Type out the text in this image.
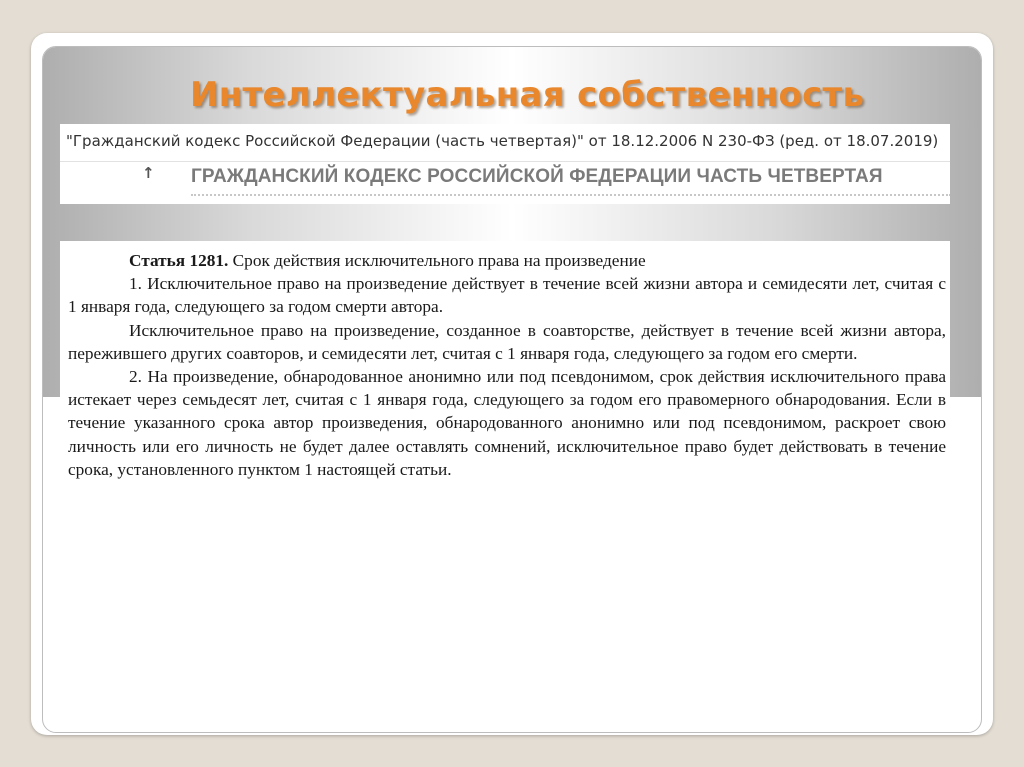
Интеллектуальная собственность
"Гражданский кодекс Российской Федерации (часть четвертая)" от 18.12.2006 N 230-ФЗ (ред. от 18.07.2019)
↑ ГРАЖДАНСКИЙ КОДЕКС РОССИЙСКОЙ ФЕДЕРАЦИИ ЧАСТЬ ЧЕТВЕРТАЯ

Статья 1281. Срок действия исключительного права на произведение

1. Исключительное право на произведение действует в течение всей жизни автора и семидесяти лет, считая с 1 января года, следующего за годом смерти автора.

Исключительное право на произведение, созданное в соавторстве, действует в течение всей жизни автора, пережившего других соавторов, и семидесяти лет, считая с 1 января года, следующего за годом его смерти.

2. На произведение, обнародованное анонимно или под псевдонимом, срок действия исключительного права истекает через семьдесят лет, считая с 1 января года, следующего за годом его правомерного обнародования. Если в течение указанного срока автор произведения, обнародованного анонимно или под псевдонимом, раскроет свою личность или его личность не будет далее оставлять сомнений, исключительное право будет действовать в течение срока, установленного пунктом 1 настоящей статьи.
